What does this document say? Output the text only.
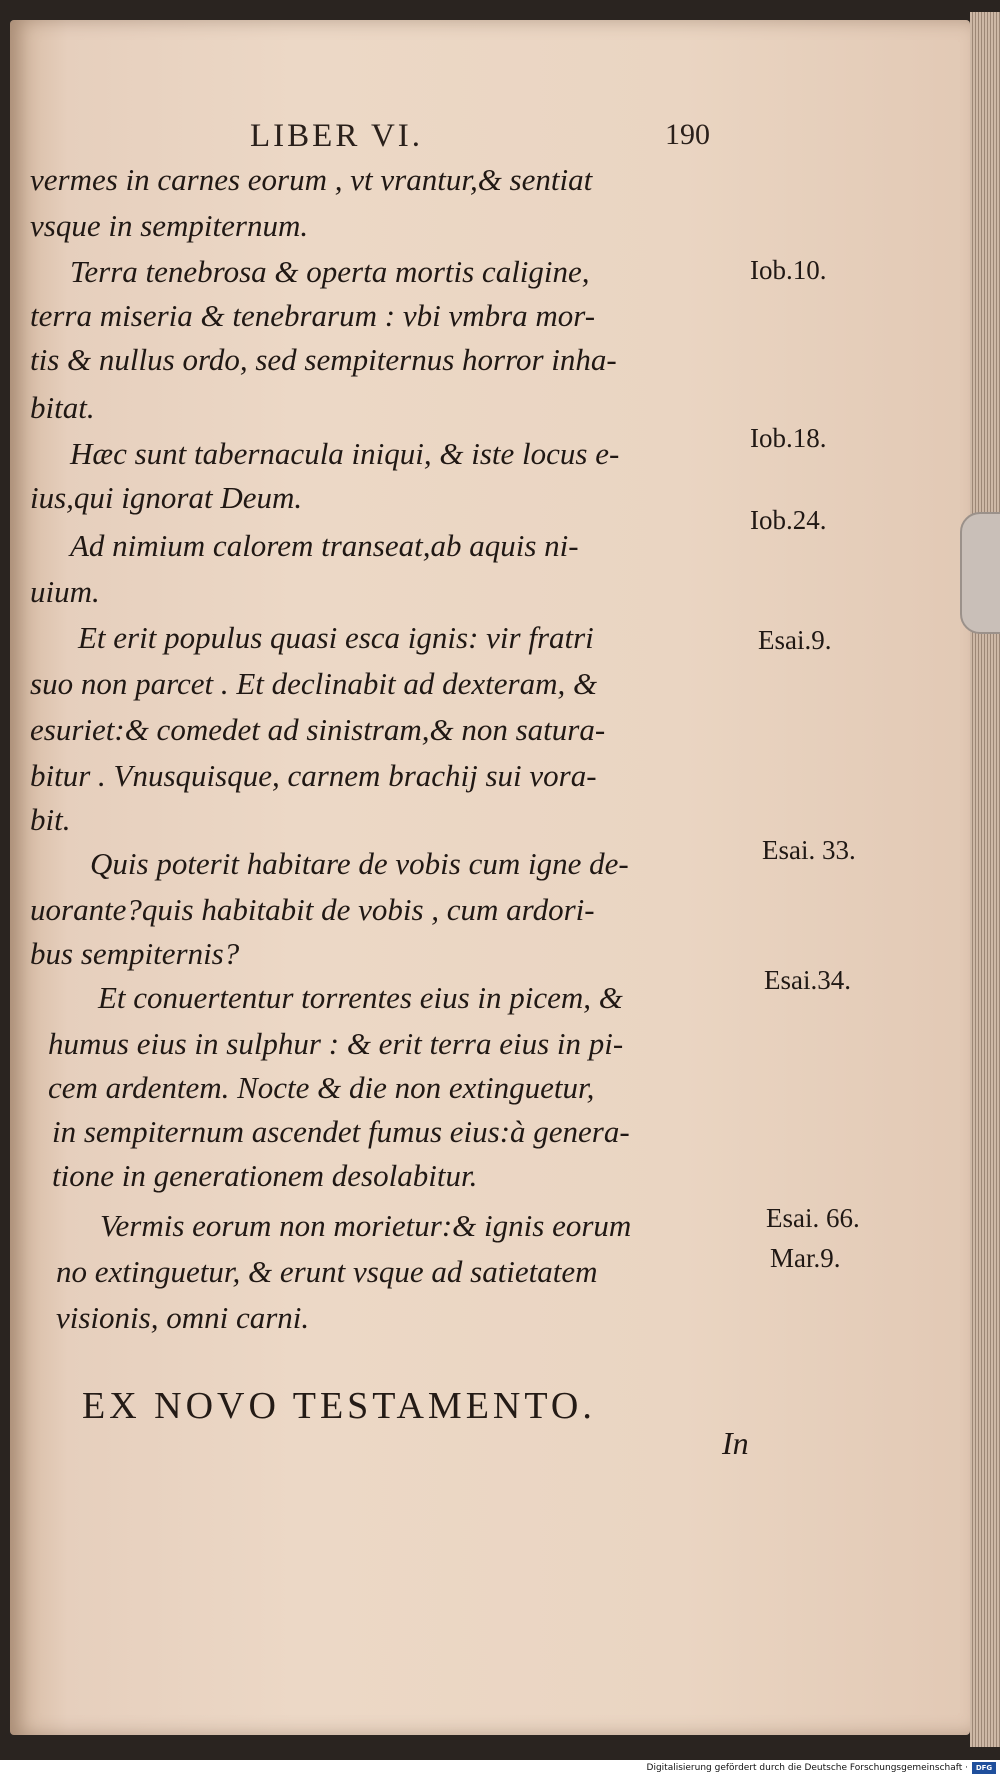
LIBER VI.	190
vermes in carnes eorum , vt vrantur,& sentiat
vsque in sempiternum.
Terra tenebrosa & operta mortis caligine,
terra miseria & tenebrarum : vbi vmbra mor-
tis & nullus ordo, sed sempiternus horror inha-
bitat.
Hæc sunt tabernacula iniqui, & iste locus e-
ius,qui ignorat Deum.
Ad nimium calorem transeat,ab aquis ni-
uium.
Et erit populus quasi esca ignis: vir fratri
suo non parcet . Et declinabit ad dexteram, &
esuriet:& comedet ad sinistram,& non satura-
bitur . Vnusquisque, carnem brachij sui vora-
bit.
Quis poterit habitare de vobis cum igne de-
uorante?quis habitabit de vobis , cum ardori-
bus sempiternis?
Et conuertentur torrentes eius in picem, &
humus eius in sulphur : & erit terra eius in pi-
cem ardentem. Nocte & die non extinguetur,
in sempiternum ascendet fumus eius:à genera-
tione in generationem desolabitur.
Vermis eorum non morietur:& ignis eorum
no extinguetur, & erunt vsque ad satietatem
visionis, omni carni.
Iob.10.
Iob.18.
Iob.24.
Esai.9.
Esai. 33.
Esai.34.
Esai. 66.
Mar.9.
EX NOVO TESTAMENTO.
In
Digitalisierung gefördert durch die Deutsche Forschungsgemeinschaft ·	DFG
